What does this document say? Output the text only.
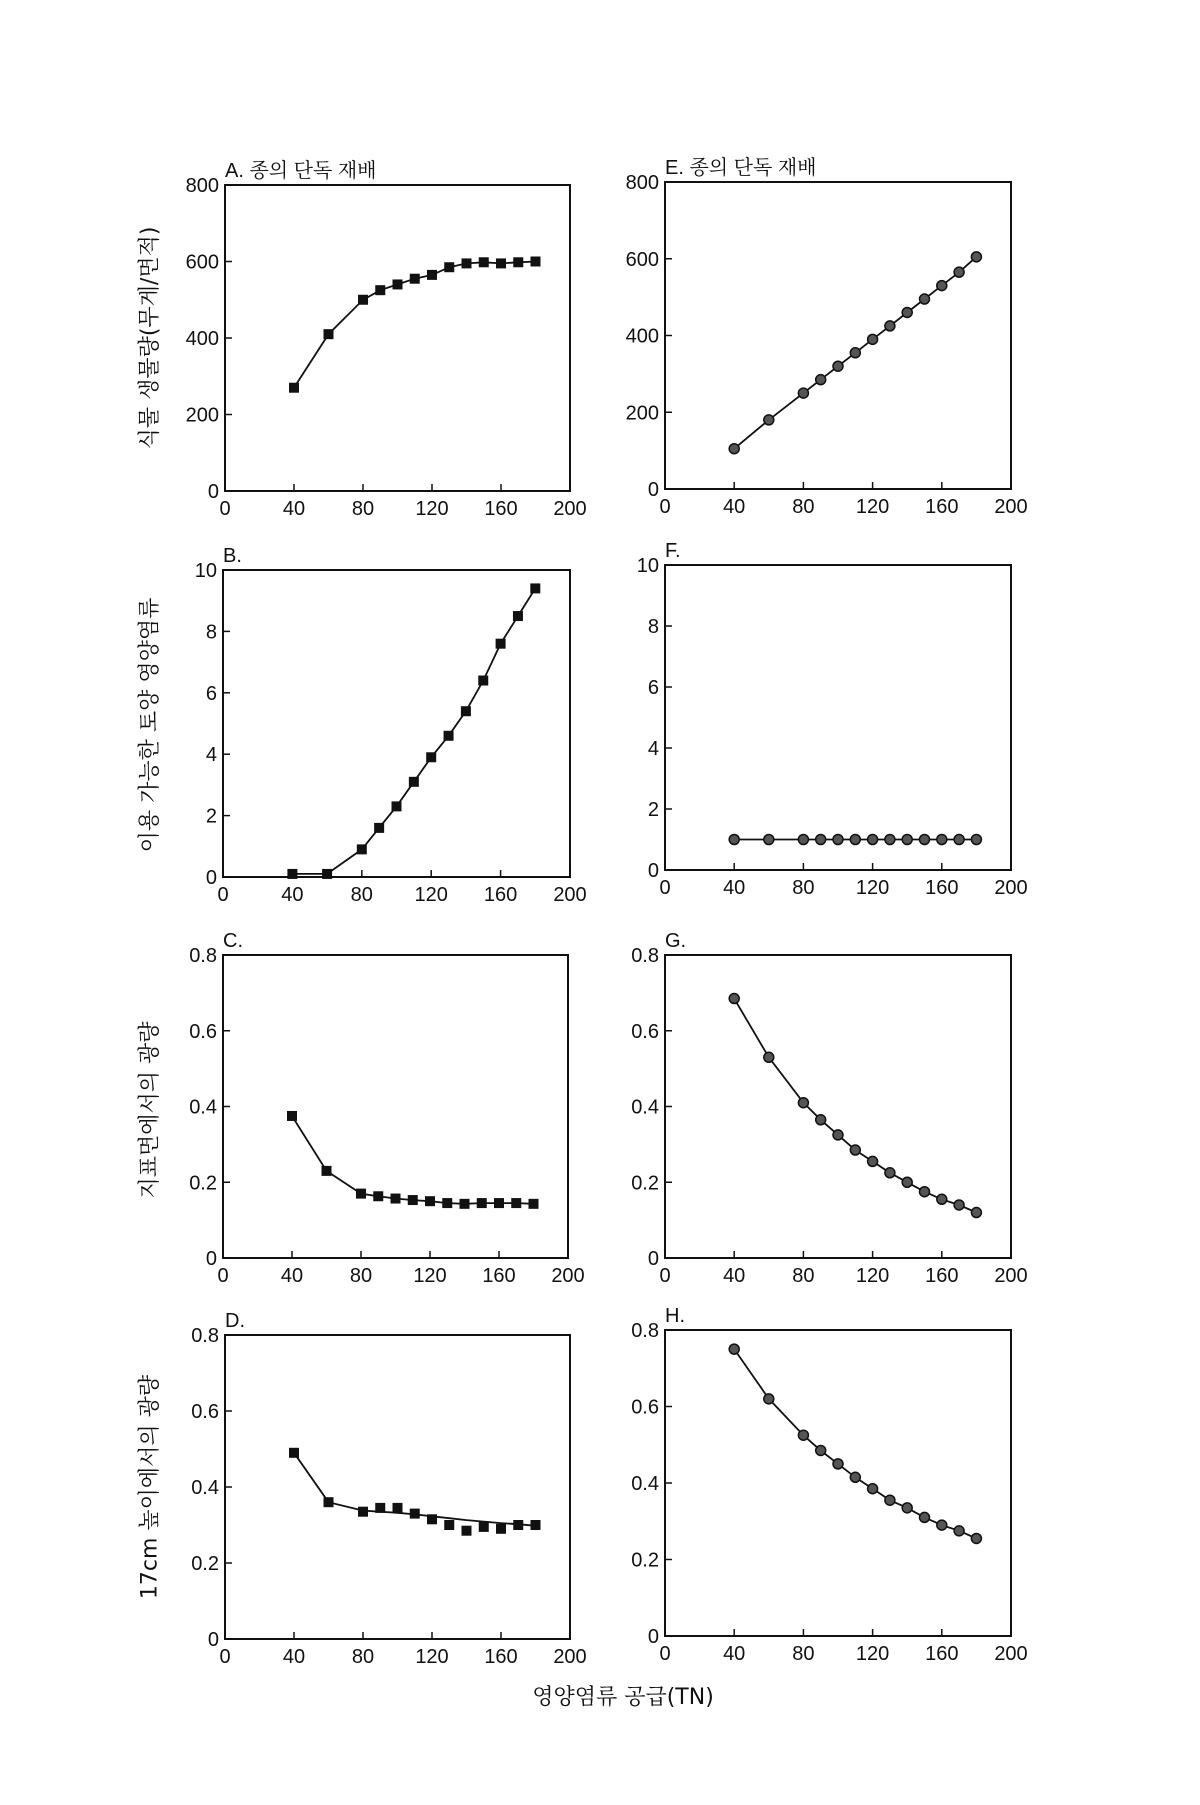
A. 종의 단독 재배
0	40 80 120 160 200
0
200
400
600
800
E. 종의 단독 재배
0	40 80 120 160 200
0
200
400
600
800
B.
0	40 80 120 160 200
0
2
4
6
8
10
F.
0	40 80 120 160 200
0
2
4
6
8
10
C.
0	40 80 120 160 200
0
0.2
0.4
0.6
0.8
G.
0	40 80 120 160 200
0
0.2
0.4
0.6
0.8
D.
0	40 80 120 160 200
0
0.2
0.4
0.6
0.8
H.
0	40 80 120 160 200
0
0.2
0.4
0.6
0.8
식물 생물량(무게/면적)
이용 가능한 토양 영양염류
지표면에서의 광량
17cm 높이에서의 광량
영양염류 공급(TN)
